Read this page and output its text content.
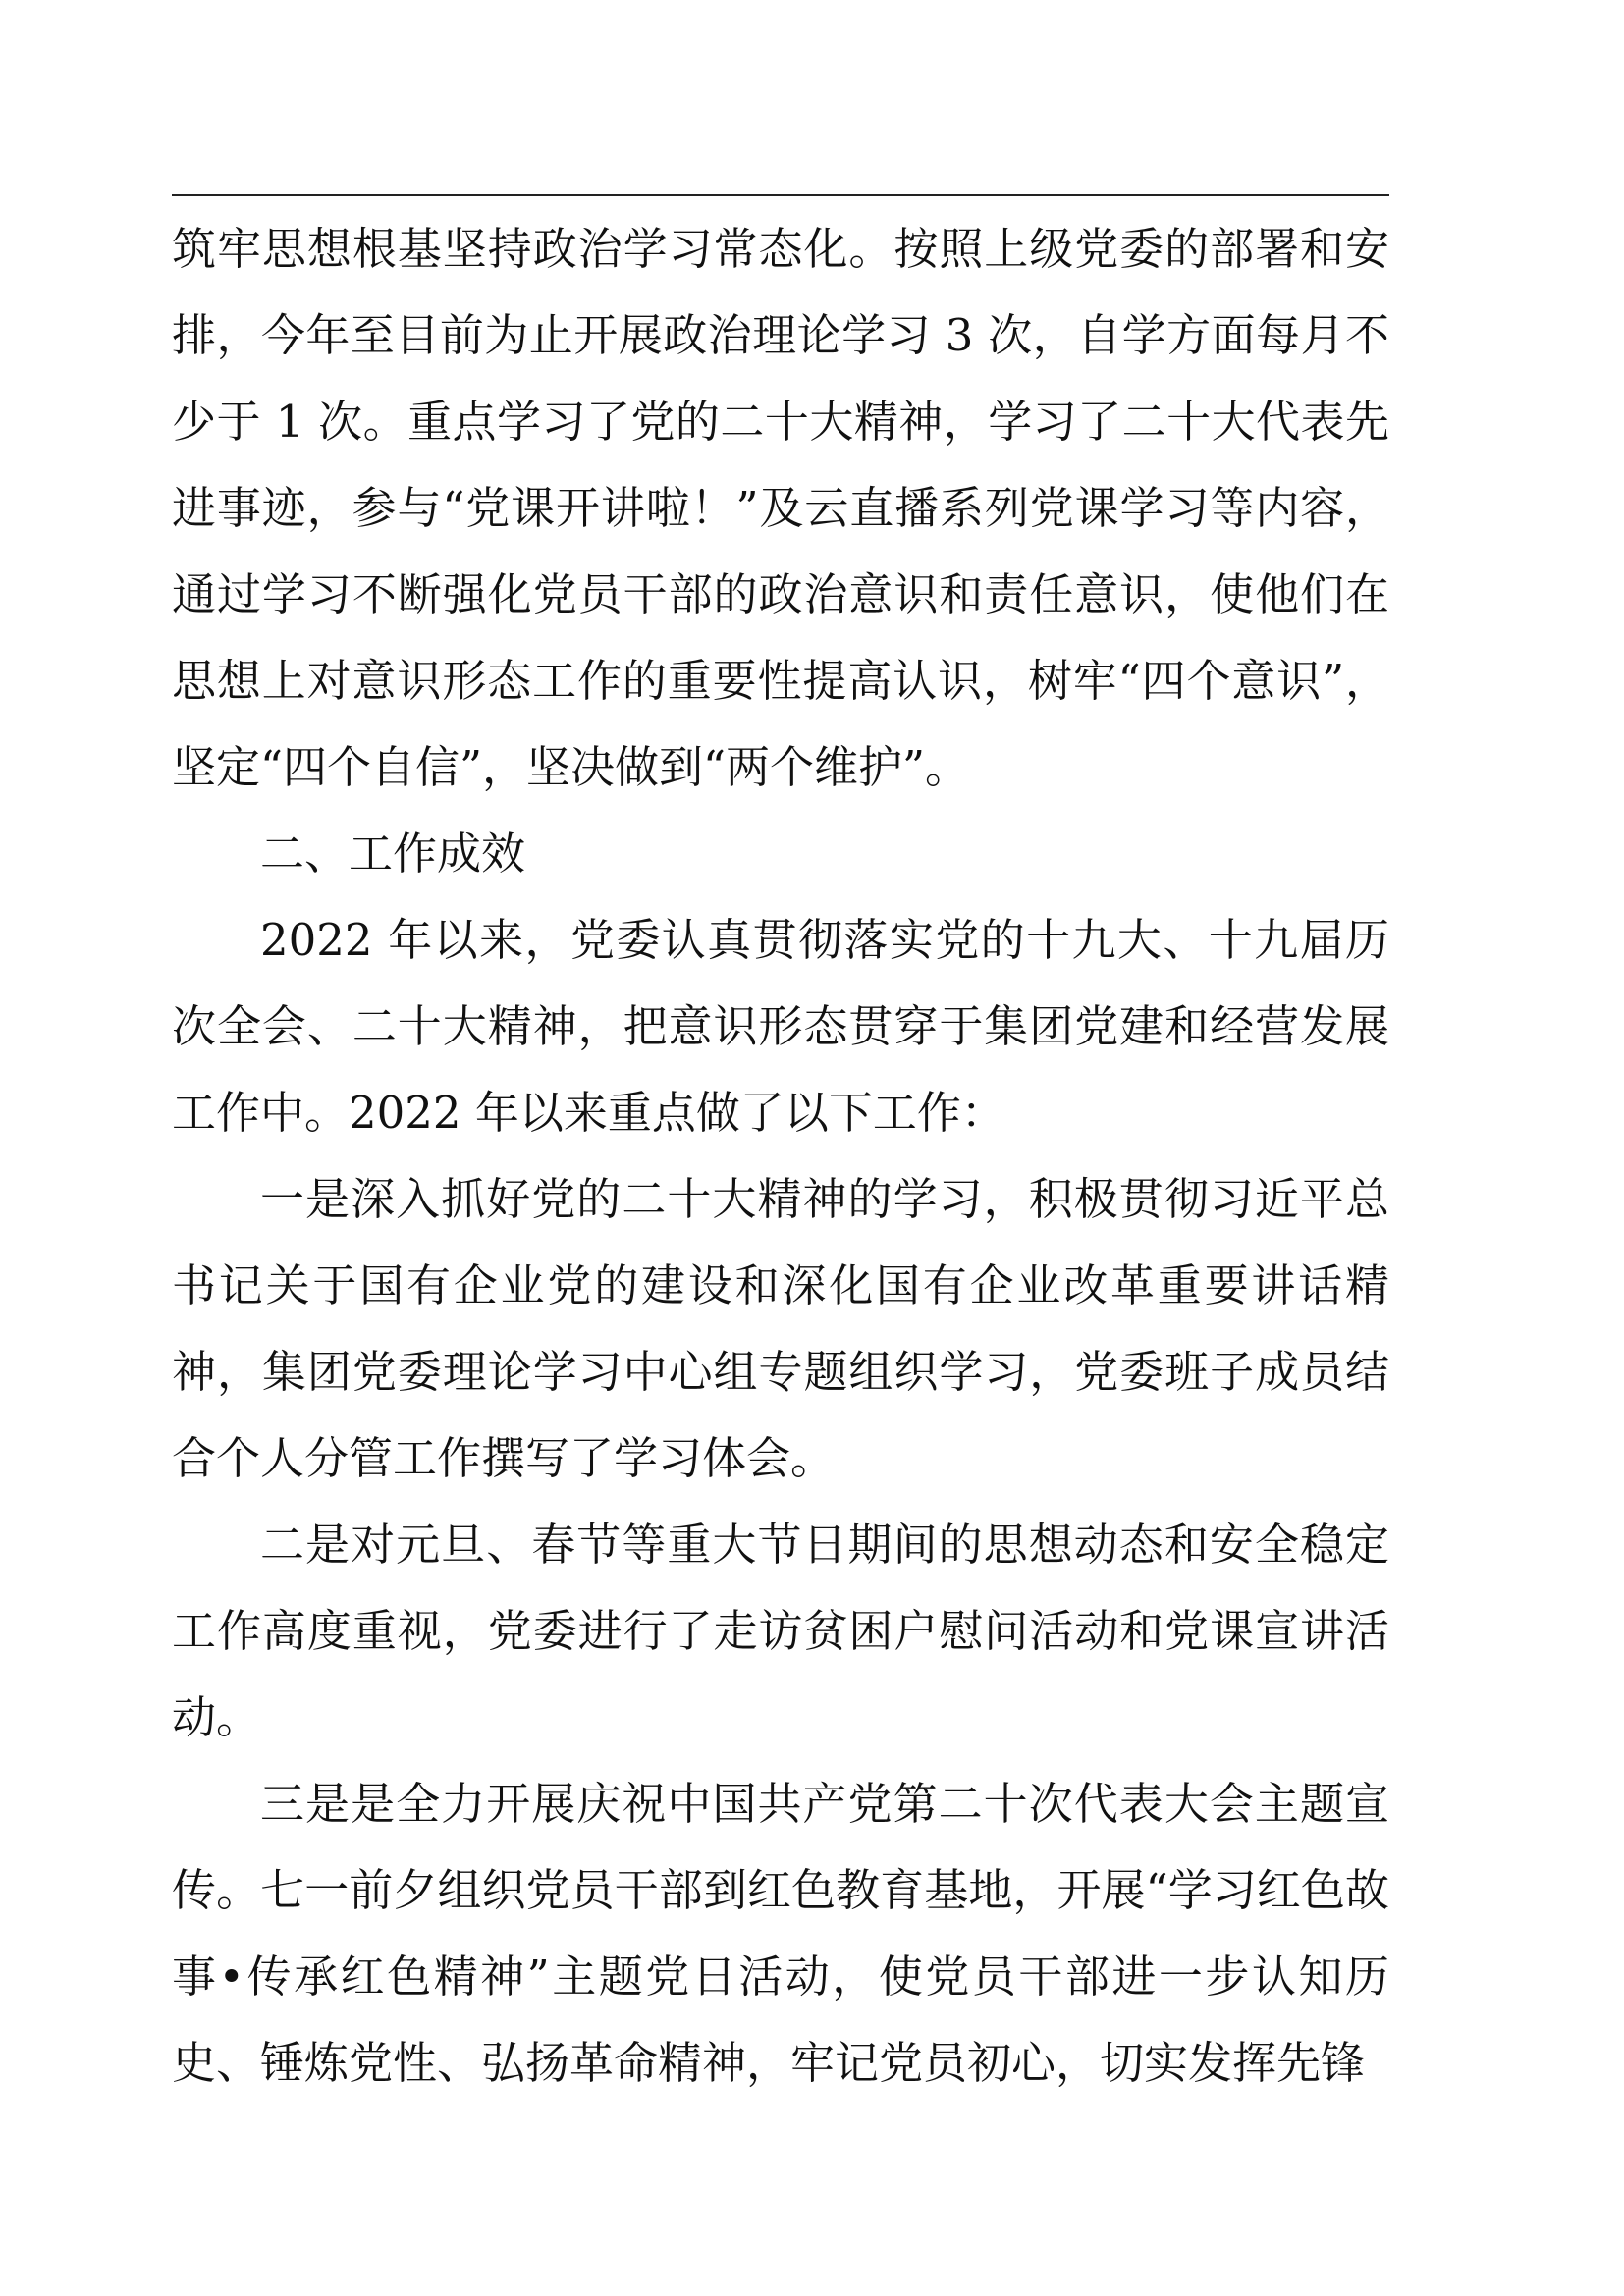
筑牢思想根基坚持政治学习常态化。按照上级党委的部署和安排，今年至目前为止开展政治理论学习 3 次，自学方面每月不少于 1 次。重点学习了党的二十大精神，学习了二十大代表先进事迹，参与“党课开讲啦！”及云直播系列党课学习等内容，通过学习不断强化党员干部的政治意识和责任意识，使他们在思想上对意识形态工作的重要性提高认识，树牢“四个意识”，坚定“四个自信”，坚决做到“两个维护”。

二、工作成效

2022 年以来，党委认真贯彻落实党的十九大、十九届历次全会、二十大精神，把意识形态贯穿于集团党建和经营发展工作中。2022 年以来重点做了以下工作：

一是深入抓好党的二十大精神的学习，积极贯彻习近平总书记关于国有企业党的建设和深化国有企业改革重要讲话精神，集团党委理论学习中心组专题组织学习，党委班子成员结合个人分管工作撰写了学习体会。

二是对元旦、春节等重大节日期间的思想动态和安全稳定工作高度重视，党委进行了走访贫困户慰问活动和党课宣讲活动。

三是是全力开展庆祝中国共产党第二十次代表大会主题宣传。七一前夕组织党员干部到红色教育基地，开展“学习红色故事•传承红色精神”主题党日活动，使党员干部进一步认知历史、锤炼党性、弘扬革命精神，牢记党员初心，切实发挥先锋
